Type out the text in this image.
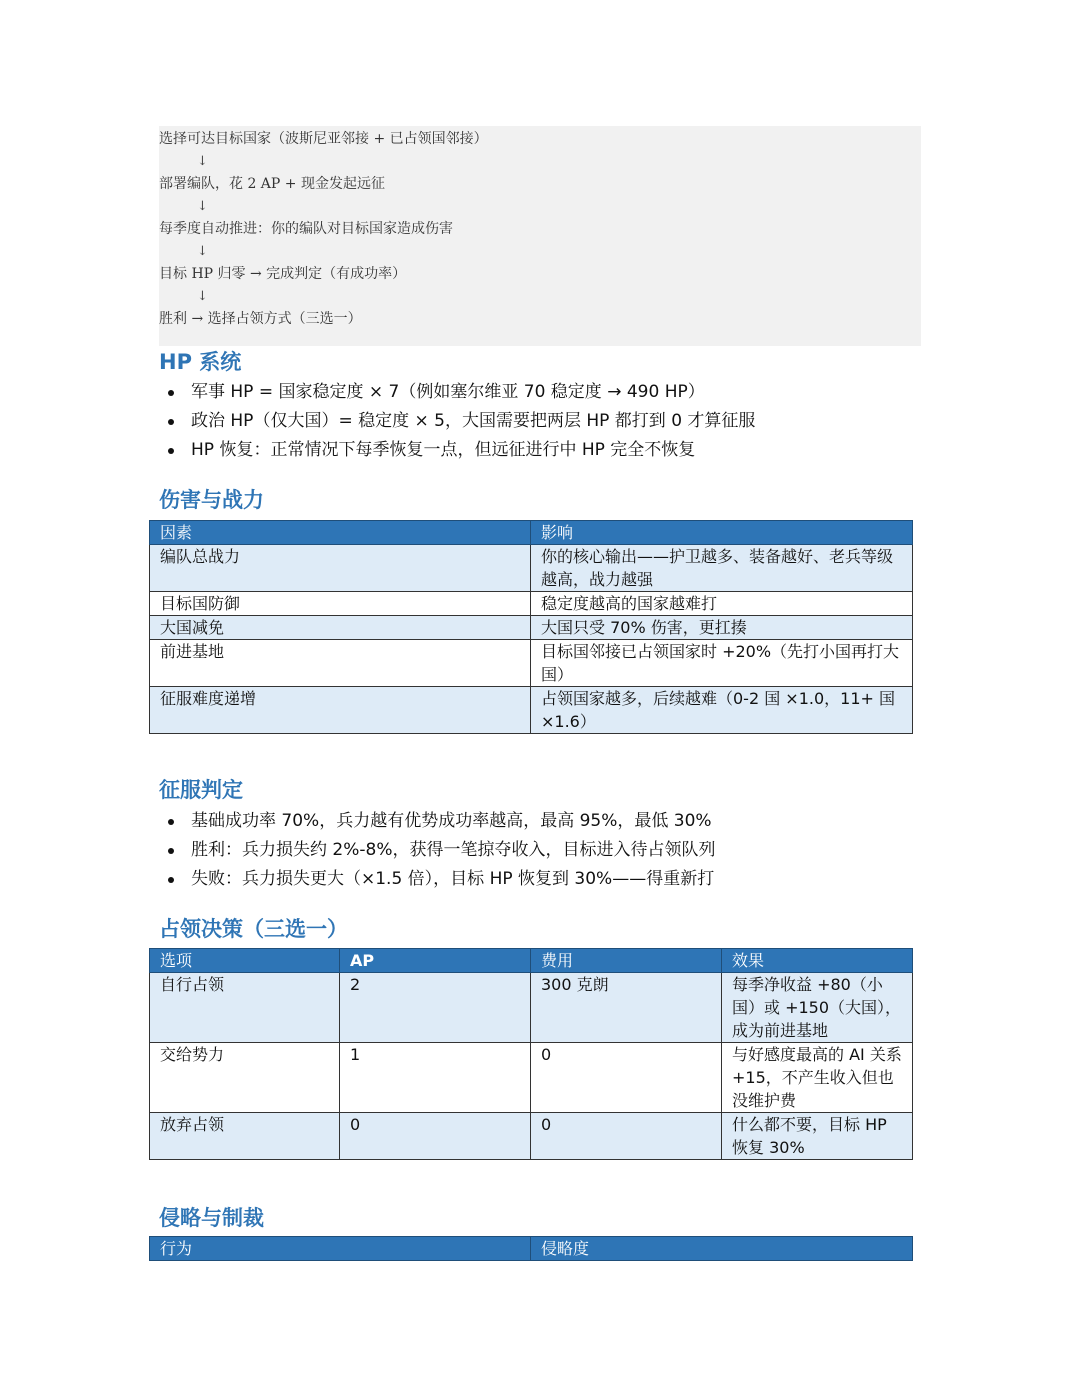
选择可达目标国家（波斯尼亚邻接 + 已占领国邻接）
↓
部署编队，花 2 AP + 现金发起远征
↓
每季度自动推进：你的编队对目标国家造成伤害
↓
目标 HP 归零 → 完成判定（有成功率）
↓
胜利 → 选择占领方式（三选一）
HP 系统
军事 HP = 国家稳定度 × 7（例如塞尔维亚 70 稳定度 → 490 HP）
政治 HP（仅大国）= 稳定度 × 5，大国需要把两层 HP 都打到 0 才算征服
HP 恢复：正常情况下每季恢复一点，但远征进行中 HP 完全不恢复
伤害与战力
因素	影响
编队总战力	你的核心输出——护卫越多、装备越好、老兵等级越高，战力越强
目标国防御	稳定度越高的国家越难打
大国减免	大国只受 70% 伤害，更扛揍
前进基地	目标国邻接已占领国家时 +20%（先打小国再打大国）
征服难度递增	占领国家越多，后续越难（0-2 国 ×1.0，11+ 国 ×1.6）
征服判定
基础成功率 70%，兵力越有优势成功率越高，最高 95%，最低 30%
胜利：兵力损失约 2%-8%，获得一笔掠夺收入，目标进入待占领队列
失败：兵力损失更大（×1.5 倍），目标 HP 恢复到 30%——得重新打
占领决策（三选一）
选项	AP	费用	效果
自行占领	2	300 克朗	每季净收益 +80（小国）或 +150（大国），成为前进基地
交给势力	1	0	与好感度最高的 AI 关系 +15，不产生收入但也没维护费
放弃占领	0	0	什么都不要，目标 HP 恢复 30%
侵略与制裁
行为	侵略度
